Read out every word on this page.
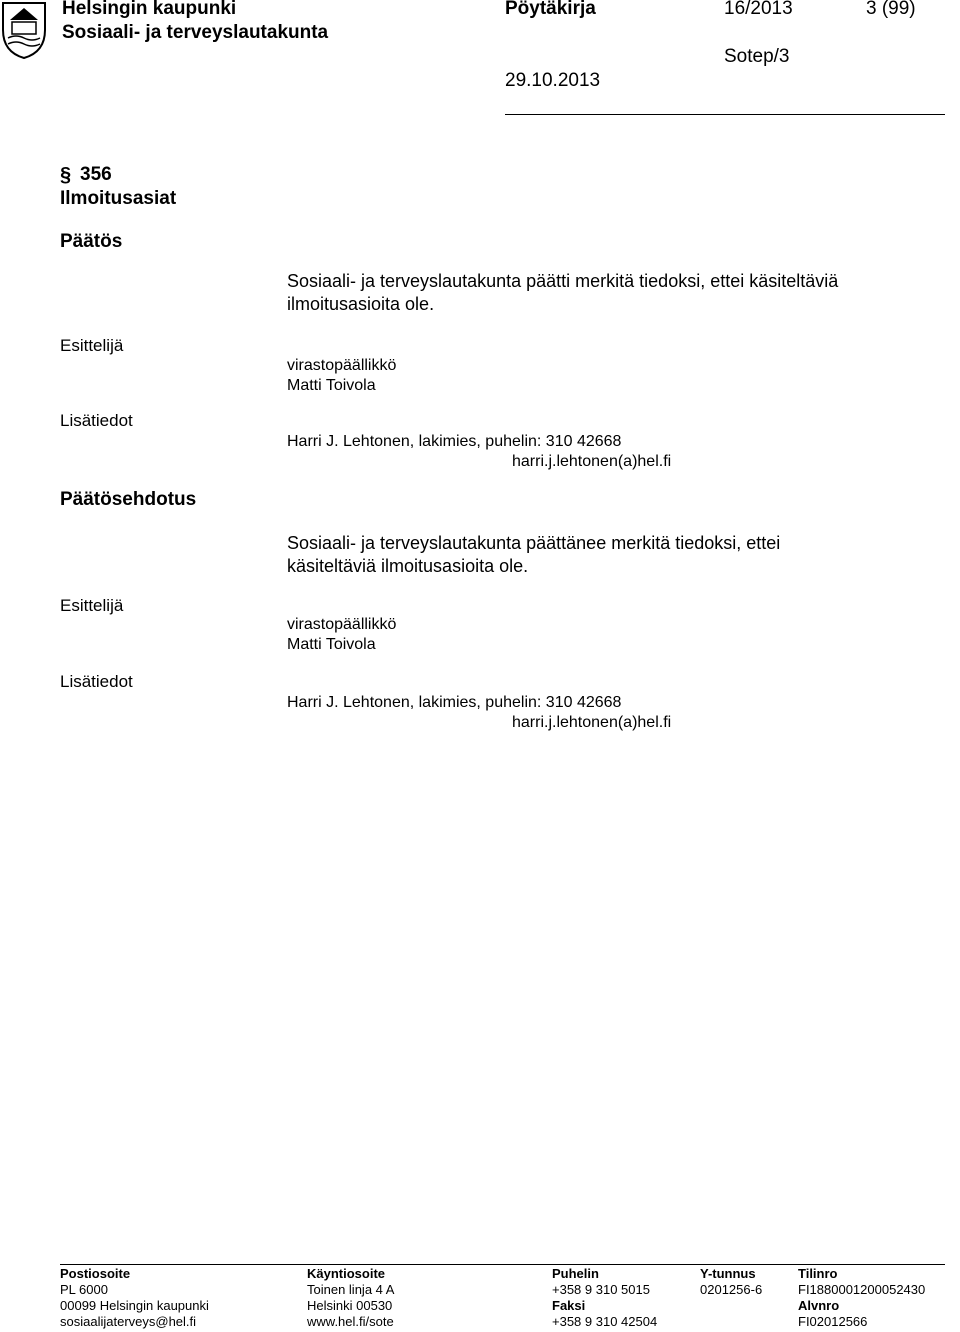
Helsingin kaupunki
Sosiaali- ja terveyslautakunta
Pöytäkirja	16/2013	3 (99)
Sotep/3
29.10.2013
§ 356
Ilmoitusasiat
Päätös
Sosiaali- ja terveyslautakunta päätti merkitä tiedoksi, ettei käsiteltäviä
ilmoitusasioita ole.
Esittelijä
virastopäällikkö
Matti Toivola
Lisätiedot
Harri J. Lehtonen, lakimies, puhelin: 310 42668
harri.j.lehtonen(a)hel.fi
Päätösehdotus
Sosiaali- ja terveyslautakunta päättänee merkitä tiedoksi, ettei
käsiteltäviä ilmoitusasioita ole.
Esittelijä
virastopäällikkö
Matti Toivola
Lisätiedot
Harri J. Lehtonen, lakimies, puhelin: 310 42668
harri.j.lehtonen(a)hel.fi
Postiosoite
PL 6000
00099 Helsingin kaupunki
sosiaalijaterveys@hel.fi
Käyntiosoite
Toinen linja 4 A
Helsinki 00530
www.hel.fi/sote
Puhelin
+358 9 310 5015
Faksi
+358 9 310 42504
Y-tunnus
0201256-6
Tilinro
FI1880001200052430
Alvnro
FI02012566
